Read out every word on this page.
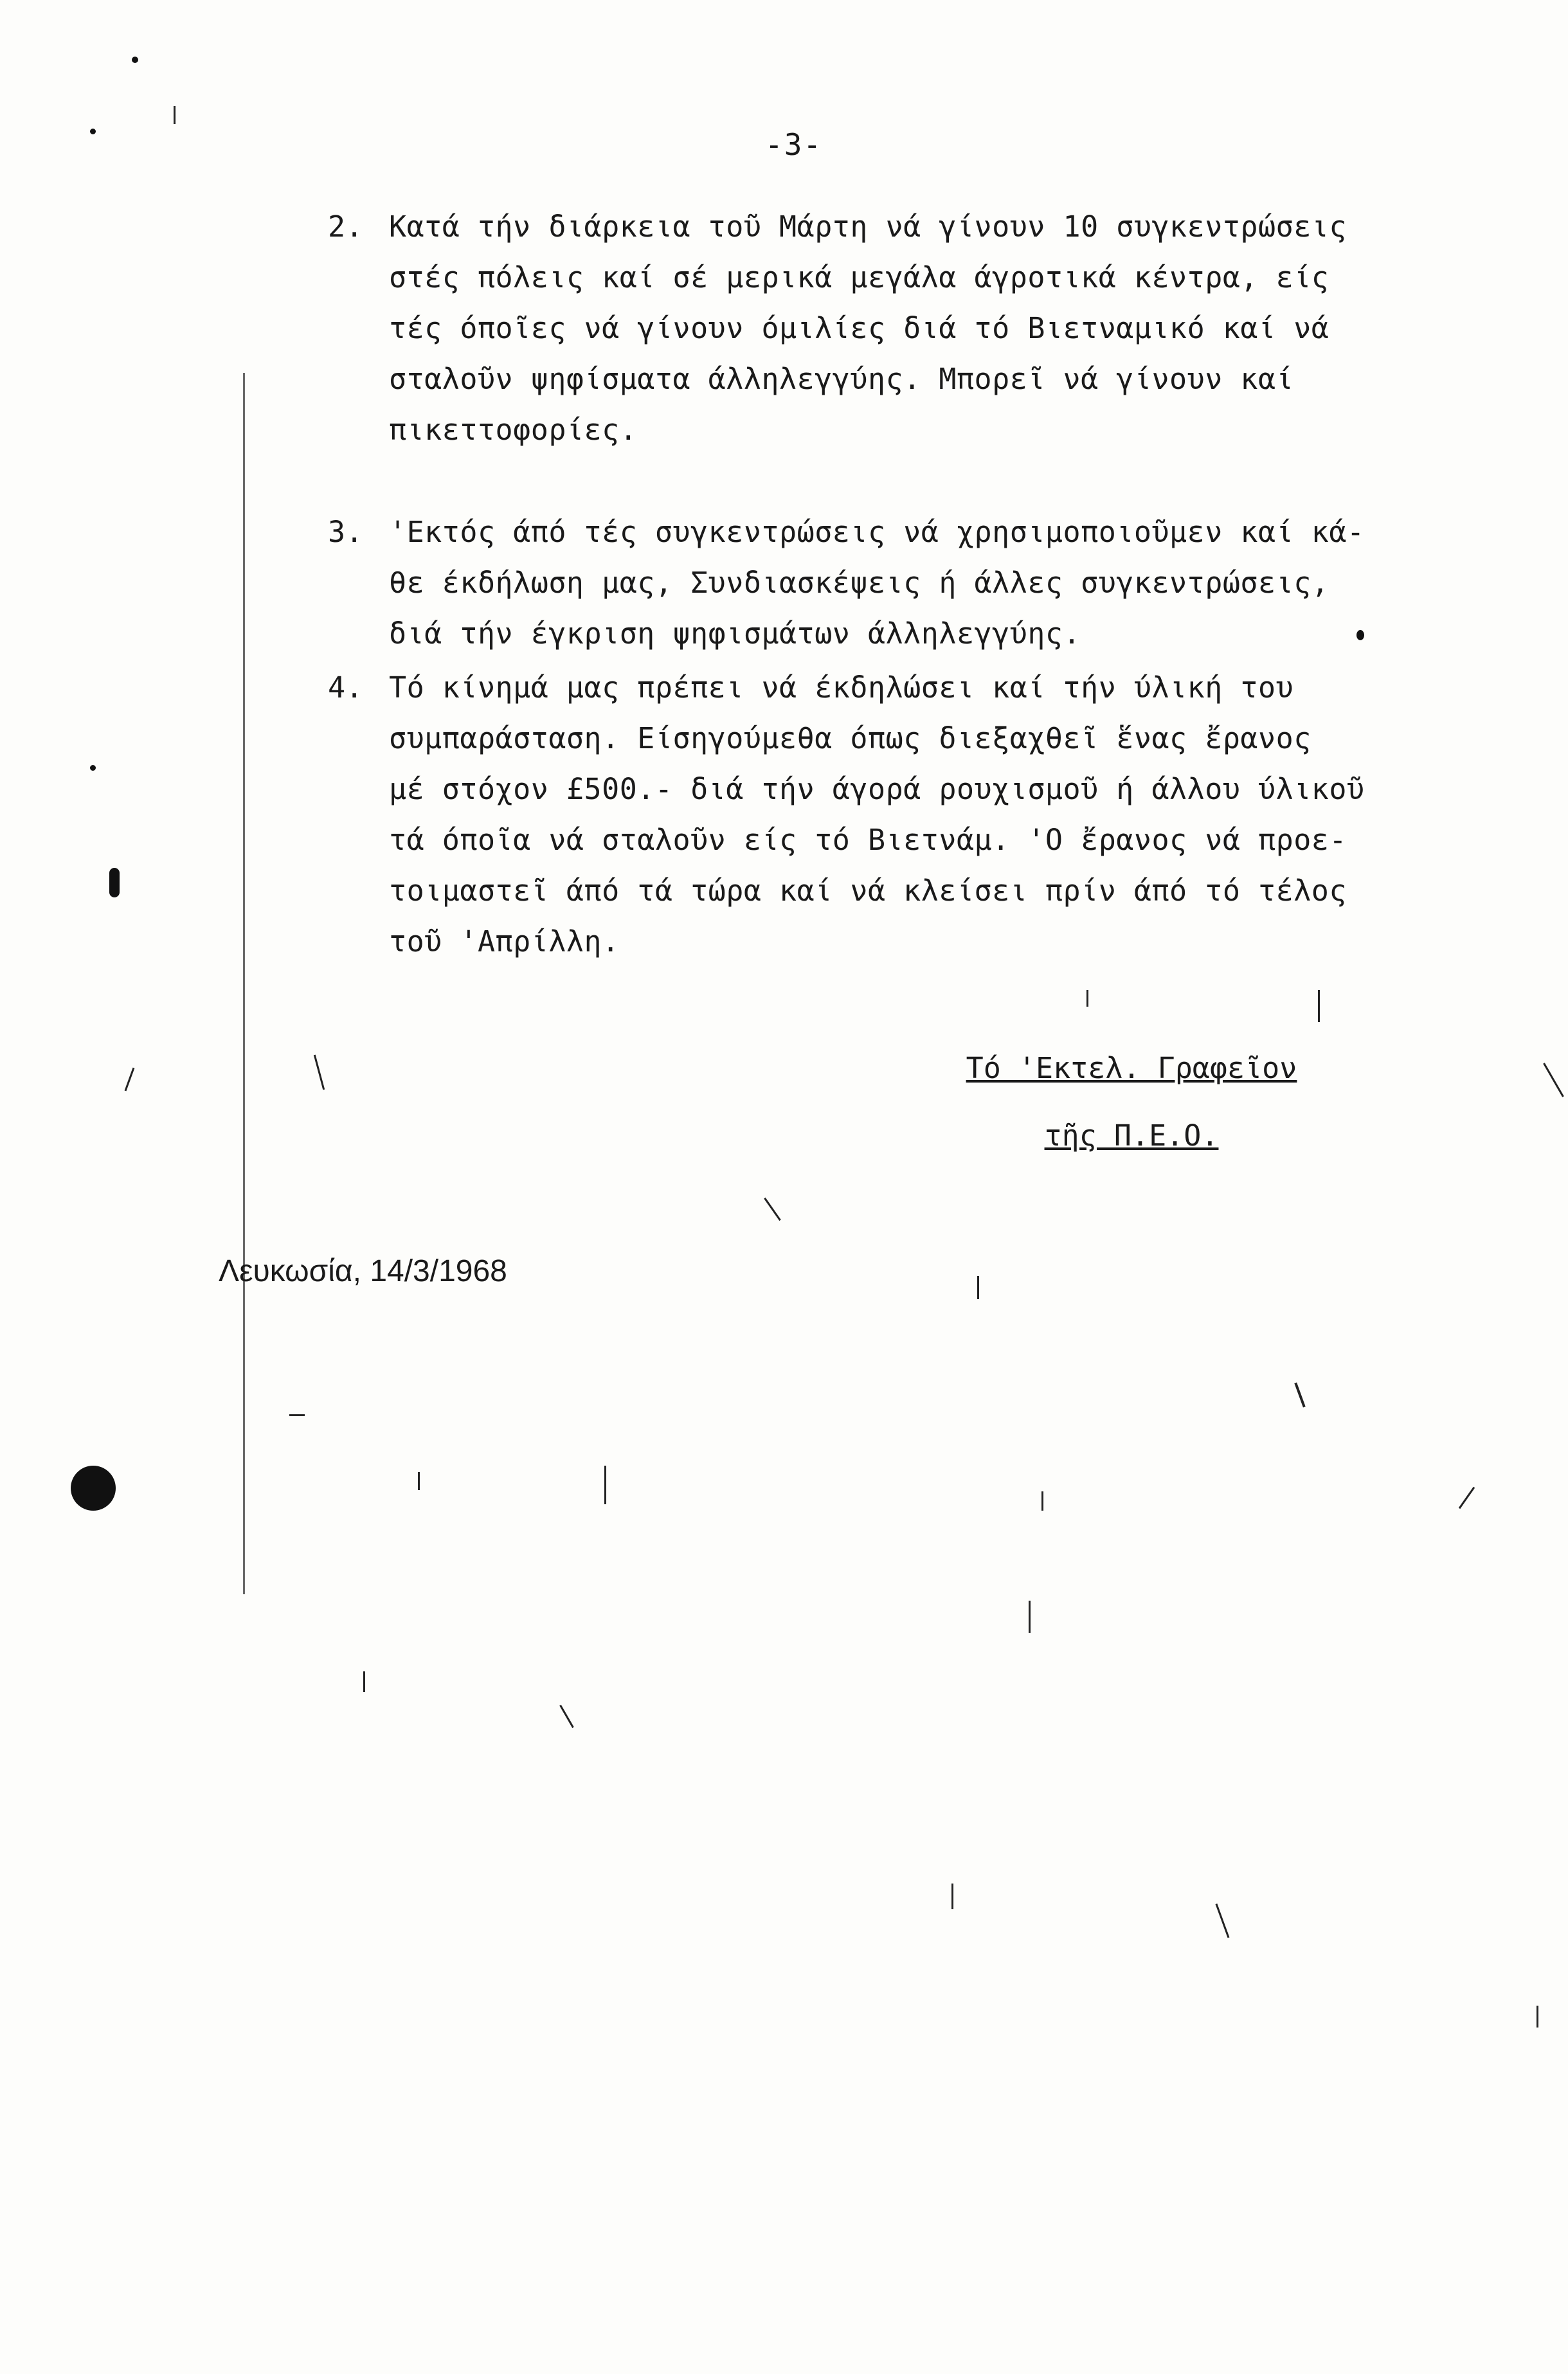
-3-
2. Κατά τήν διάρκεια τοῦ Μάρτη νά γίνουν 10 συγκεντρώσεις
στές πόλεις καί σέ μερικά μεγάλα άγροτικά κέντρα, είς
τές όποῖες νά γίνουν όμιλίες διά τό Βιετναμικό καί νά
σταλοῦν ψηφίσματα άλληλεγγύης. Μπορεῖ νά γίνουν καί
πικεττοφορίες.
3. 'Εκτός άπό τές συγκεντρώσεις νά χρησιμοποιοῦμεν καί κά-
θε έκδήλωση μας, Συνδιασκέψεις ή άλλες συγκεντρώσεις,
διά τήν έγκριση ψηφισμάτων άλληλεγγύης.
4. Τό κίνημά μας πρέπει νά έκδηλώσει καί τήν ύλική του
συμπαράσταση. Είσηγούμεθα όπως διεξαχθεῖ ἕνας ἔρανος
μέ στόχον £500.- διά τήν άγορά ρουχισμοῦ ή άλλου ύλικοῦ
τά όποῖα νά σταλοῦν είς τό Βιετνάμ. 'Ο ἔρανος νά προε-
τοιμαστεῖ άπό τά τώρα καί νά κλείσει πρίν άπό τό τέλος
τοῦ 'Απρίλλη.
Τό 'Εκτελ. Γραφεῖον
τῆς Π.Ε.Ο.
Λευκωσία, 14/3/1968
